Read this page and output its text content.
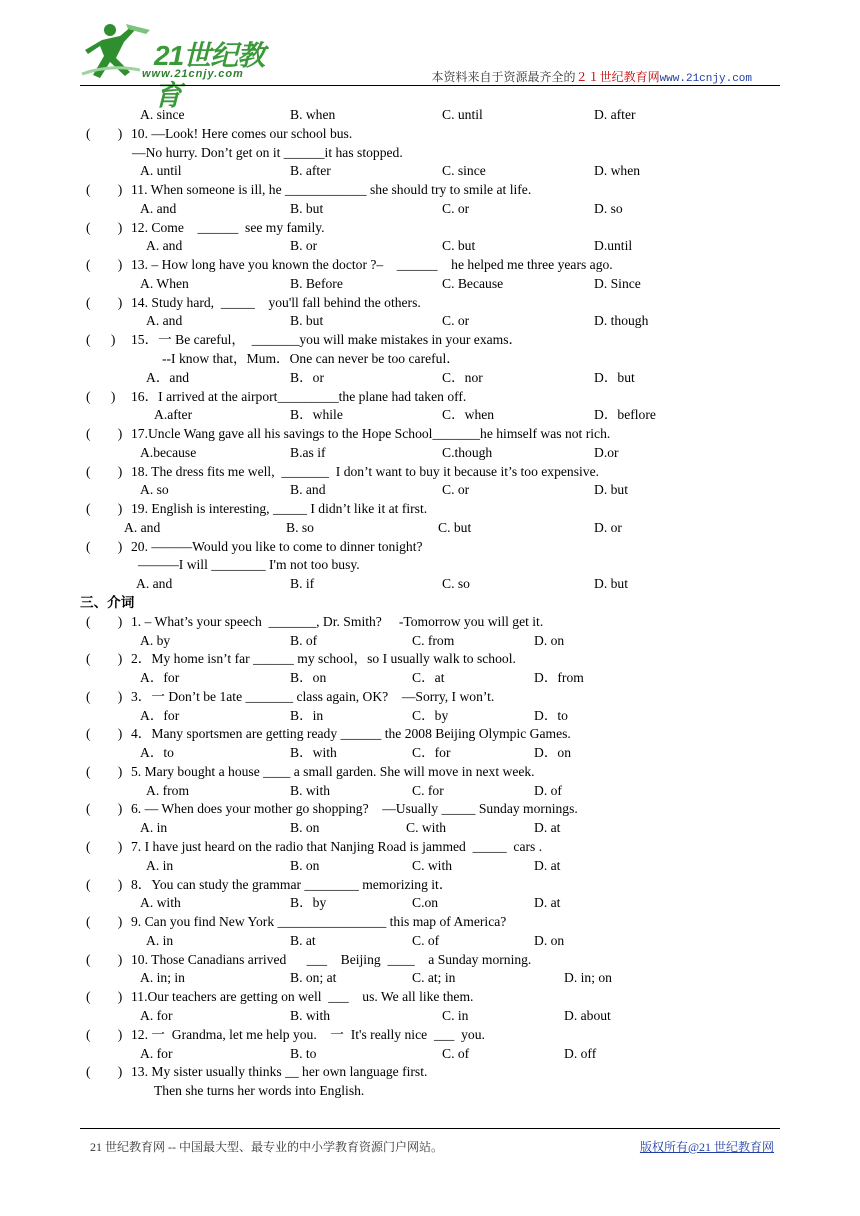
21世纪教育
www.21cnjy.com	本资料来自于资源最齐全的２１世纪教育网www.21cnjy.com
A. since	B. when	C. until	D. after
(        ) 10. —Look! Here comes our school bus.
—No hurry. Don’t get on it ______it has stopped.
A. until	B. after	C. since	D. when
(        ) 11. When someone is ill, he ____________ she should try to smile at life.
A. and	B. but	C. or	D. so
(        ) 12. Come    ______  see my family.
A. and	B. or	C. but	D.until
(        ) 13. – How long have you known the doctor ?–    ______    he helped me three years ago.
A. When	B. Before	C. Because	D. Since
(        ) 14. Study hard,  _____    you'll fall behind the others.
A. and	B. but	C. or	D. though
(      ) 15．一 Be careful，  _______you will make mistakes in your exams．
--I know that，Mum．One can never be too careful．
A．and	B．or	C．nor	D．but
(      ) 16．I arrived at the airport_________the plane had taken off.
A.after	B．while	C．when	D．beflore
(        ) 17.Uncle Wang gave all his savings to the Hope School_______he himself was not rich.
A.because	B.as if	C.though	D.or
(        ) 18. The dress fits me well,  _______  I don’t want to buy it because it’s too expensive.
A. so	B. and	C. or	D. but
(        ) 19. English is interesting, _____ I didn’t like it at first.
A. and	B. so	C. but	D. or
(        ) 20. ———Would you like to come to dinner tonight?
———I will ________ I'm not too busy.
A. and	B. if	C. so	D. but
三、介词
(        ) 1. – What’s your speech  _______, Dr. Smith?     -Tomorrow you will get it.
A. by	B. of	C. from	D. on
(        ) 2．My home isn’t far ______ my school，so I usually walk to school.
A．for	B．on	C．at	D．from
(        ) 3．一 Don’t be 1ate _______ class again, OK?    —Sorry, I won’t.
A．for	B．in	C．by	D．to
(        ) 4．Many sportsmen are getting ready ______ the 2008 Beijing Olympic Games.
A．to	B．with	C．for	D．on
(        ) 5. Mary bought a house ____ a small garden. She will move in next week.
A. from	B. with	C. for	D. of
(        ) 6. — When does your mother go shopping?    —Usually _____ Sunday mornings.
A. in	B. on	C. with	D. at
(        ) 7. I have just heard on the radio that Nanjing Road is jammed  _____  cars .
A. in	B. on	C. with	D. at
(        ) 8．You can study the grammar ________ memorizing it．
A. with	B．by	C.on	D. at
(        ) 9. Can you find New York ________________ this map of America?
A. in	B. at	C. of	D. on
(        ) 10. Those Canadians arrived      ___    Beijing  ____    a Sunday morning.
A. in; in	B. on; at	C. at; in	D. in; on
(        ) 11.Our teachers are getting on well  ___    us. We all like them.
A. for	B. with	C. in	D. about
(        ) 12. 一  Grandma, let me help you.    一  It's really nice  ___  you.
A. for	B. to	C. of	D. off
(        ) 13. My sister usually thinks __ her own language first.
Then she turns her words into English.
21 世纪教育网 -- 中国最大型、最专业的中小学教育资源门户网站。	版权所有@21 世纪教育网
